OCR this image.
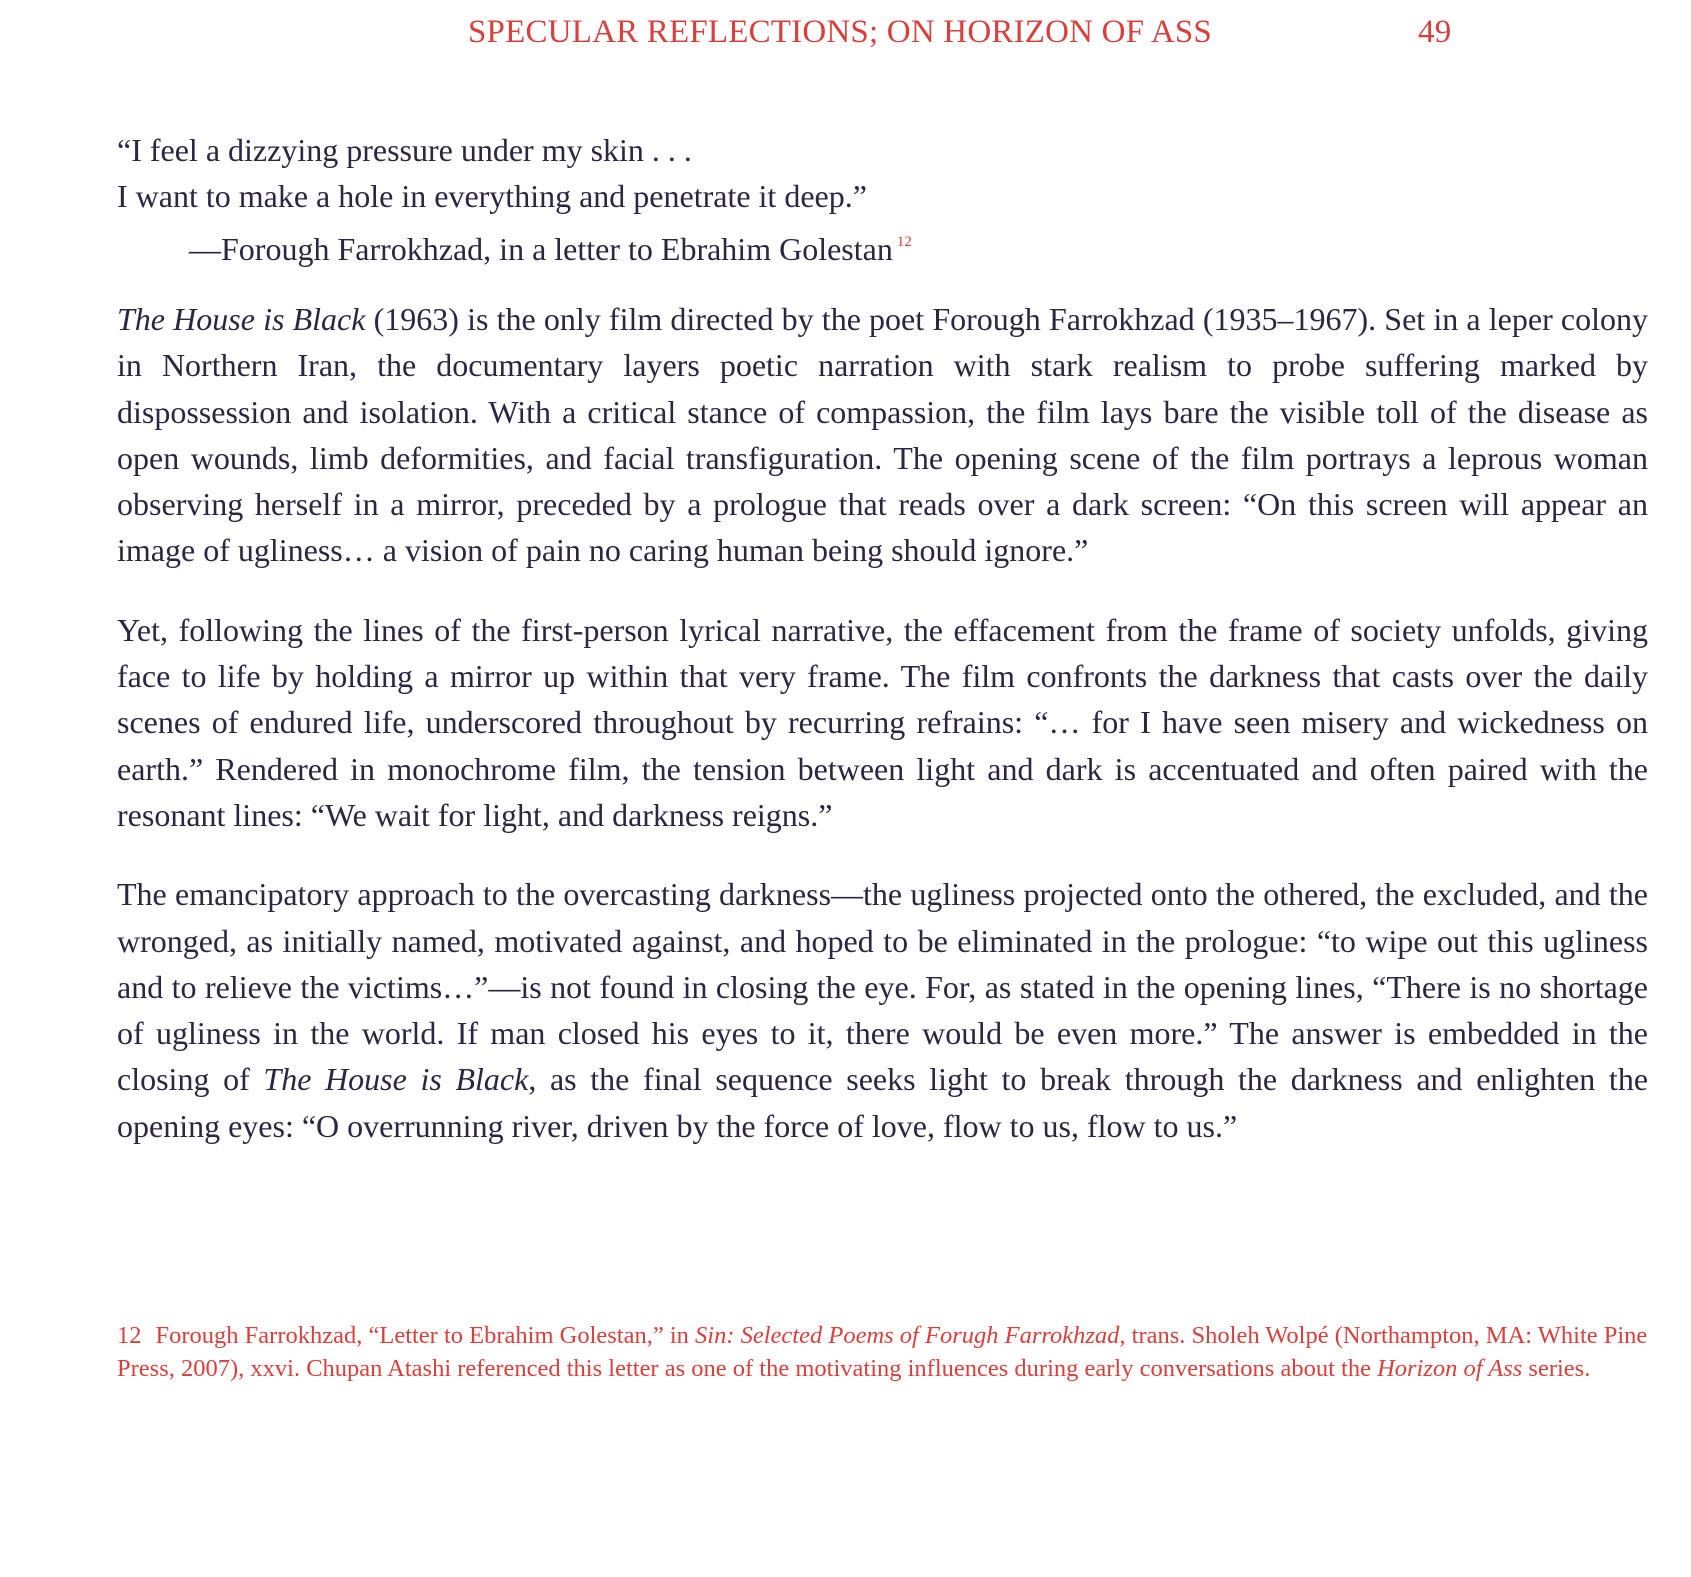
SPECULAR REFLECTIONS; ON HORIZON OF ASS	49
“I feel a dizzying pressure under my skin . . .
I want to make a hole in everything and penetrate it deep.”
—Forough Farrokhzad, in a letter to Ebrahim Golestan $^{12}$

The House is Black (1963) is the only film directed by the poet Forough Farrokhzad (1935–1967). Set in a leper colony in Northern Iran, the documentary layers poetic narration with stark realism to probe suffering marked by dispossession and isolation. With a critical stance of compassion, the film lays bare the visible toll of the disease as open wounds, limb deformities, and facial transfiguration. The opening scene of the film portrays a leprous woman observing herself in a mirror, preceded by a prologue that reads over a dark screen: “On this screen will appear an image of ugliness… a vision of pain no caring human being should ignore.”

Yet, following the lines of the first-person lyrical narrative, the effacement from the frame of society unfolds, giving face to life by holding a mirror up within that very frame. The film confronts the darkness that casts over the daily scenes of endured life, underscored throughout by recurring refrains: “… for I have seen misery and wickedness on earth.” Rendered in monochrome film, the tension between light and dark is accentuated and often paired with the resonant lines: “We wait for light, and darkness reigns.”

The emancipatory approach to the overcasting darkness—the ugliness projected onto the othered, the excluded, and the wronged, as initially named, motivated against, and hoped to be eliminated in the prologue: “to wipe out this ugliness and to relieve the victims…”—is not found in closing the eye. For, as stated in the opening lines, “There is no shortage of ugliness in the world. If man closed his eyes to it, there would be even more.” The answer is embedded in the closing of The House is Black, as the final sequence seeks light to break through the darkness and enlighten the opening eyes: “O overrunning river, driven by the force of love, flow to us, flow to us.”

12 Forough Farrokhzad, “Letter to Ebrahim Golestan,” in Sin: Selected Poems of Forugh Farrokhzad, trans. Sholeh Wolpé (Northampton, MA: White Pine Press, 2007), xxvi. Chupan Atashi referenced this letter as one of the motivating influences during early conversations about the Horizon of Ass series.
